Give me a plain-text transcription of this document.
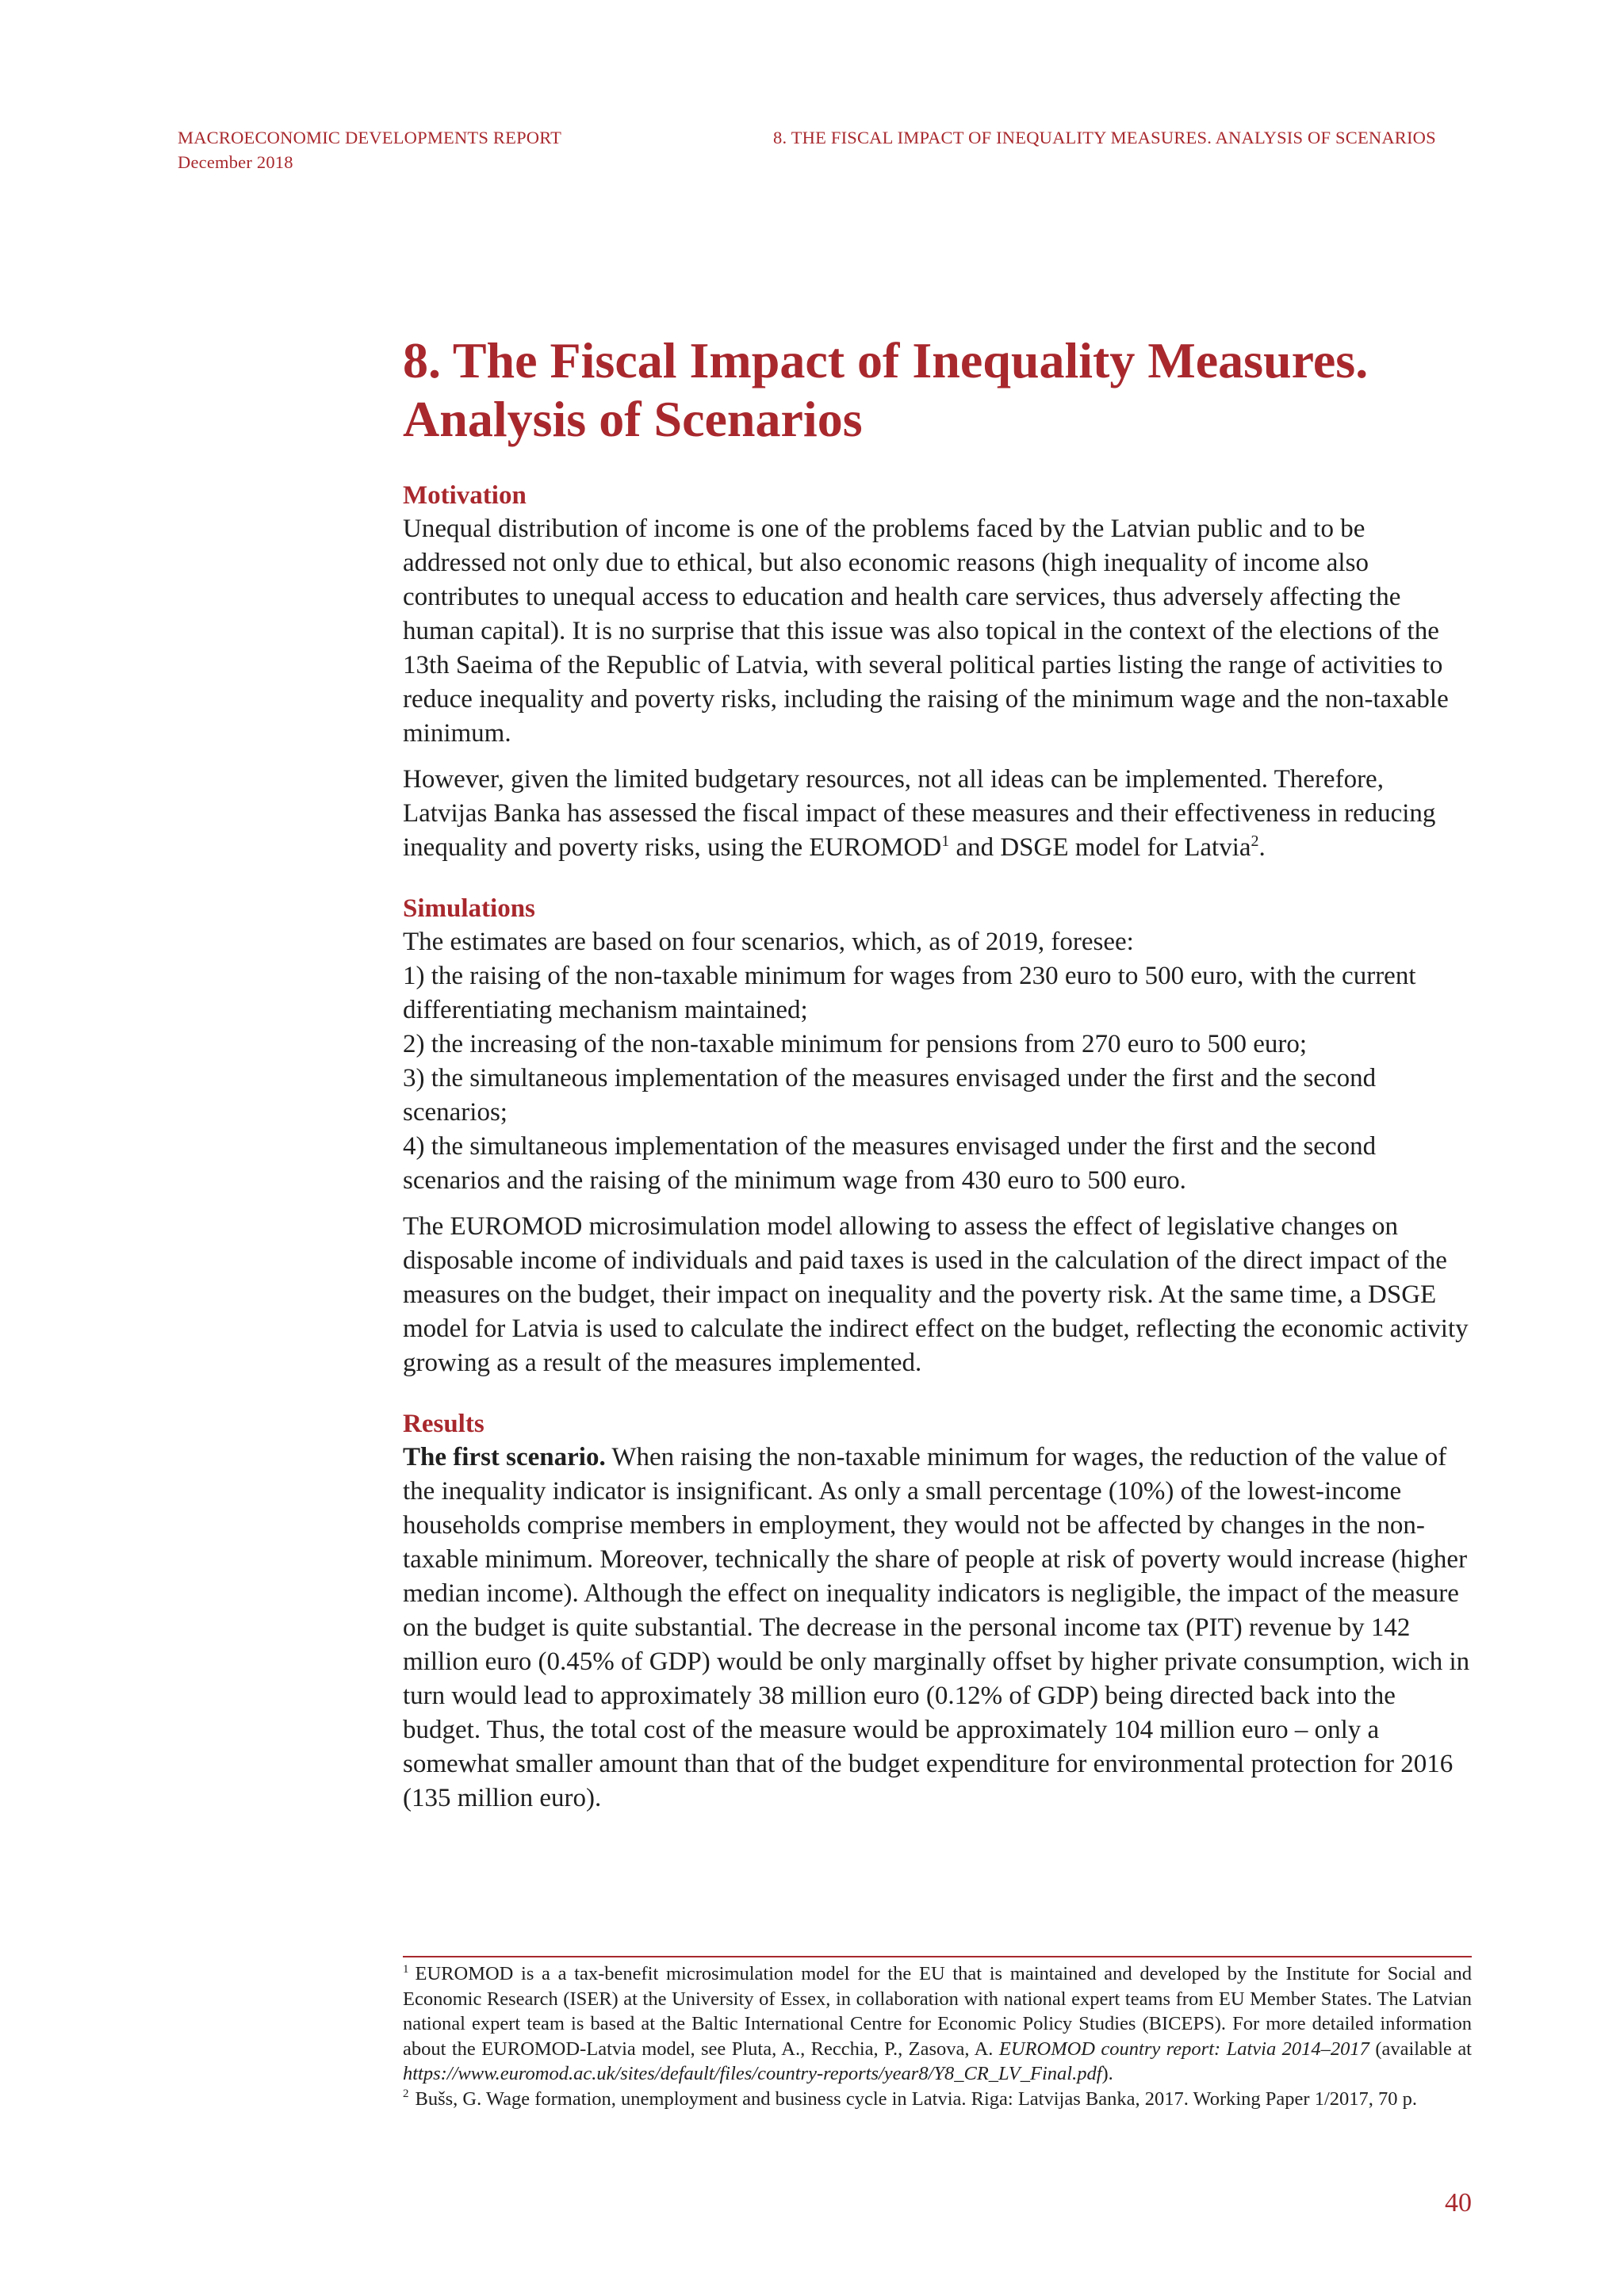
MACROECONOMIC DEVELOPMENTS REPORT
December 2018
8. THE FISCAL IMPACT OF INEQUALITY MEASURES. ANALYSIS OF SCENARIOS
8. The Fiscal Impact of Inequality Measures.
Analysis of Scenarios
Motivation

Unequal distribution of income is one of the problems faced by the Latvian public and to be addressed not only due to ethical, but also economic reasons (high inequality of income also contributes to unequal access to education and health care services, thus adversely affecting the human capital). It is no surprise that this issue was also topical in the context of the elections of the 13th Saeima of the Republic of Latvia, with several political parties listing the range of activities to reduce inequality and poverty risks, including the raising of the minimum wage and the non-taxable minimum.

However, given the limited budgetary resources, not all ideas can be implemented. Therefore, Latvijas Banka has assessed the fiscal impact of these measures and their effectiveness in reducing inequality and poverty risks, using the EUROMOD$^1$ and DSGE model for Latvia$^2$.

Simulations

The estimates are based on four scenarios, which, as of 2019, foresee:

1) the raising of the non-taxable minimum for wages from 230 euro to 500 euro, with the current differentiating mechanism maintained;

2) the increasing of the non-taxable minimum for pensions from 270 euro to 500 euro;

3) the simultaneous implementation of the measures envisaged under the first and the second scenarios;

4) the simultaneous implementation of the measures envisaged under the first and the second scenarios and the raising of the minimum wage from 430 euro to 500 euro.

The EUROMOD microsimulation model allowing to assess the effect of legislative changes on disposable income of individuals and paid taxes is used in the calculation of the direct impact of the measures on the budget, their impact on inequality and the poverty risk. At the same time, a DSGE model for Latvia is used to calculate the indirect effect on the budget, reflecting the economic activity growing as a result of the measures implemented.

Results

The first scenario. When raising the non-taxable minimum for wages, the reduction of the value of the inequality indicator is insignificant. As only a small percentage (10%) of the lowest-income households comprise members in employment, they would not be affected by changes in the non-taxable minimum. Moreover, technically the share of people at risk of poverty would increase (higher median income). Although the effect on inequality indicators is negligible, the impact of the measure on the budget is quite substantial. The decrease in the personal income tax (PIT) revenue by 142 million euro (0.45% of GDP) would be only marginally offset by higher private consumption, wich in turn would lead to approximately 38 million euro (0.12% of GDP) being directed back into the budget. Thus, the total cost of the measure would be approximately 104 million euro – only a somewhat smaller amount than that of the budget expenditure for environmental protection for 2016 (135 million euro).

$^1$ EUROMOD is a a tax-benefit microsimulation model for the EU that is maintained and developed by the Institute for Social and Economic Research (ISER) at the University of Essex, in collaboration with national expert teams from EU Member States. The Latvian national expert team is based at the Baltic International Centre for Economic Policy Studies (BICEPS). For more detailed information about the EUROMOD-Latvia model, see Pluta, A., Recchia, P., Zasova, A. EUROMOD country report: Latvia 2014–2017 (available at https://www.euromod.ac.uk/sites/default/files/country-reports/year8/Y8_CR_LV_Final.pdf).

$^2$ Bušs, G. Wage formation, unemployment and business cycle in Latvia. Riga: Latvijas Banka, 2017. Working Paper 1/2017, 70 p.

40
